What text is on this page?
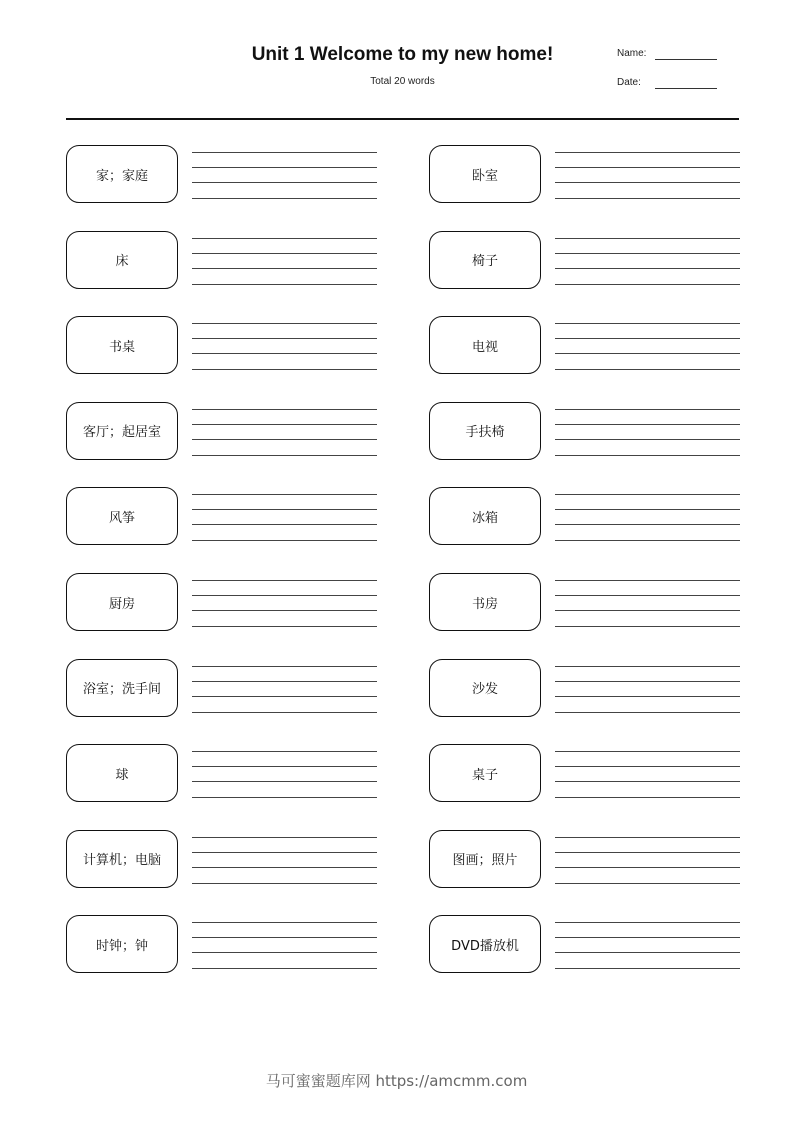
Unit 1 Welcome to my new home!
Total 20 words
Name:
Date:
家；家庭
床
书桌
客厅；起居室
风筝
厨房
浴室；洗手间
球
计算机；电脑
时钟；钟
卧室
椅子
电视
手扶椅
冰箱
书房
沙发
桌子
图画；照片
DVD播放机
马可蜜蜜题库网 https://amcmm.com
